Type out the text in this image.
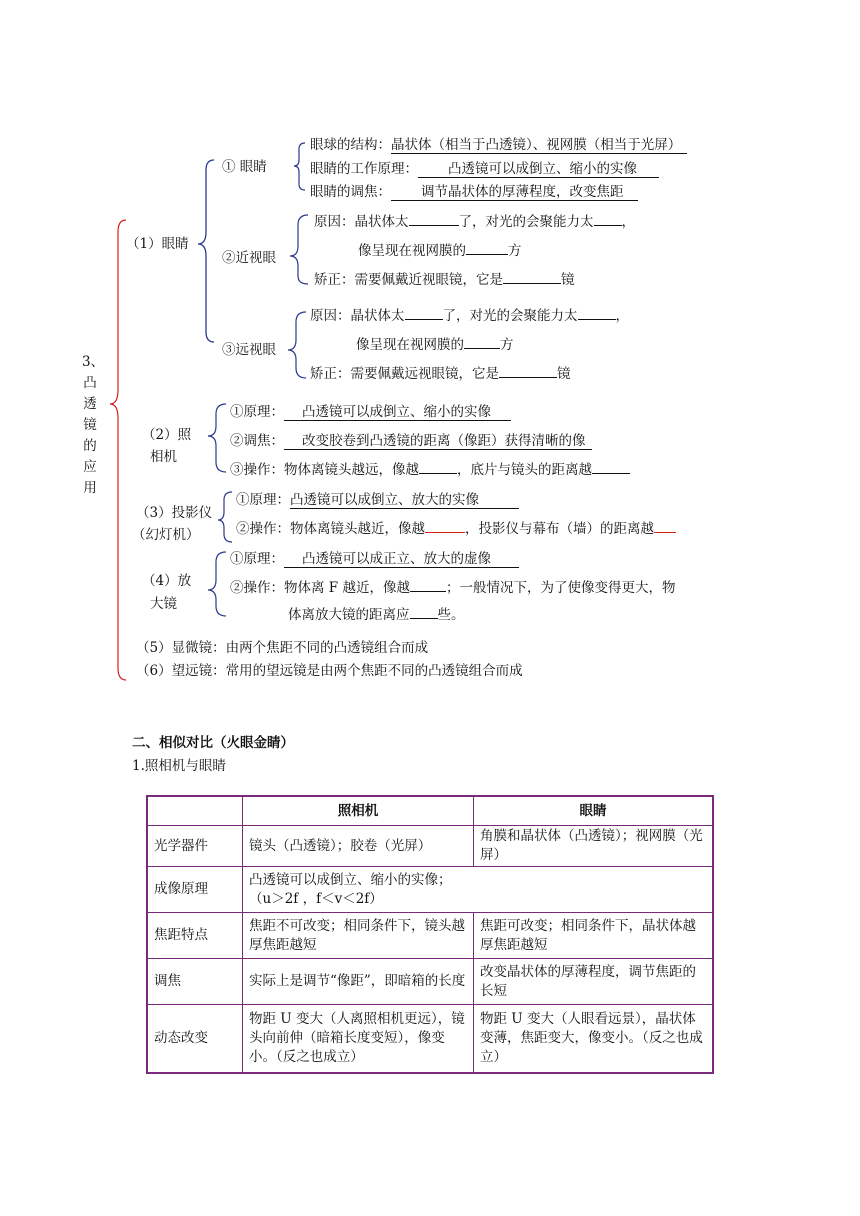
3、
凸
透
镜
的
应
用
（1）眼睛
① 眼睛
眼球的结构：晶状体（相当于凸透镜）、视网膜（相当于光屏）
眼睛的工作原理： 凸透镜可以成倒立、缩小的实像
眼睛的调焦： 调节晶状体的厚薄程度，改变焦距
②近视眼
原因：晶状体太	了，对光的会聚能力太 ，
像呈现在视网膜的	方
矫正：需要佩戴近视眼镜，它是	镜
③远视眼
原因：晶状体太	了，对光的会聚能力太	，
像呈现在视网膜的	方
矫正：需要佩戴远视眼镜，它是	镜
（2）照
相机
①原理： 凸透镜可以成倒立、缩小的实像
②调焦： 改变胶卷到凸透镜的距离（像距）获得清晰的像
③操作：物体离镜头越远，像越	，底片与镜头的距离越
（3）投影仪
（幻灯机）
①原理：凸透镜可以成倒立、放大的实像
②操作：物体离镜头越近，像越	，投影仪与幕布（墙）的距离越
（4）放
大镜
①原理： 凸透镜可以成正立、放大的虚像
②操作：物体离 F 越近，像越	；一般情况下，为了使像变得更大，物
体离放大镜的距离应 些。
（5）显微镜：由两个焦距不同的凸透镜组合而成
（6）望远镜：常用的望远镜是由两个焦距不同的凸透镜组合而成
二、相似对比（火眼金睛）
1.照相机与眼睛
	照相机	眼睛
光学器件	镜头（凸透镜）；胶卷（光屏）	角膜和晶状体（凸透镜）；视网膜（光屏）
成像原理	凸透镜可以成倒立、缩小的实像；（u＞2f ，f＜v＜2f）	
焦距特点	焦距不可改变；相同条件下，镜头越厚焦距越短	焦距可改变；相同条件下，晶状体越厚焦距越短
调焦	实际上是调节“像距”，即暗箱的长度	改变晶状体的厚薄程度，调节焦距的长短
动态改变	物距 U 变大（人离照相机更远），镜头向前伸（暗箱长度变短），像变小。（反之也成立）	物距 U 变大（人眼看远景），晶状体变薄，焦距变大，像变小。（反之也成立）
